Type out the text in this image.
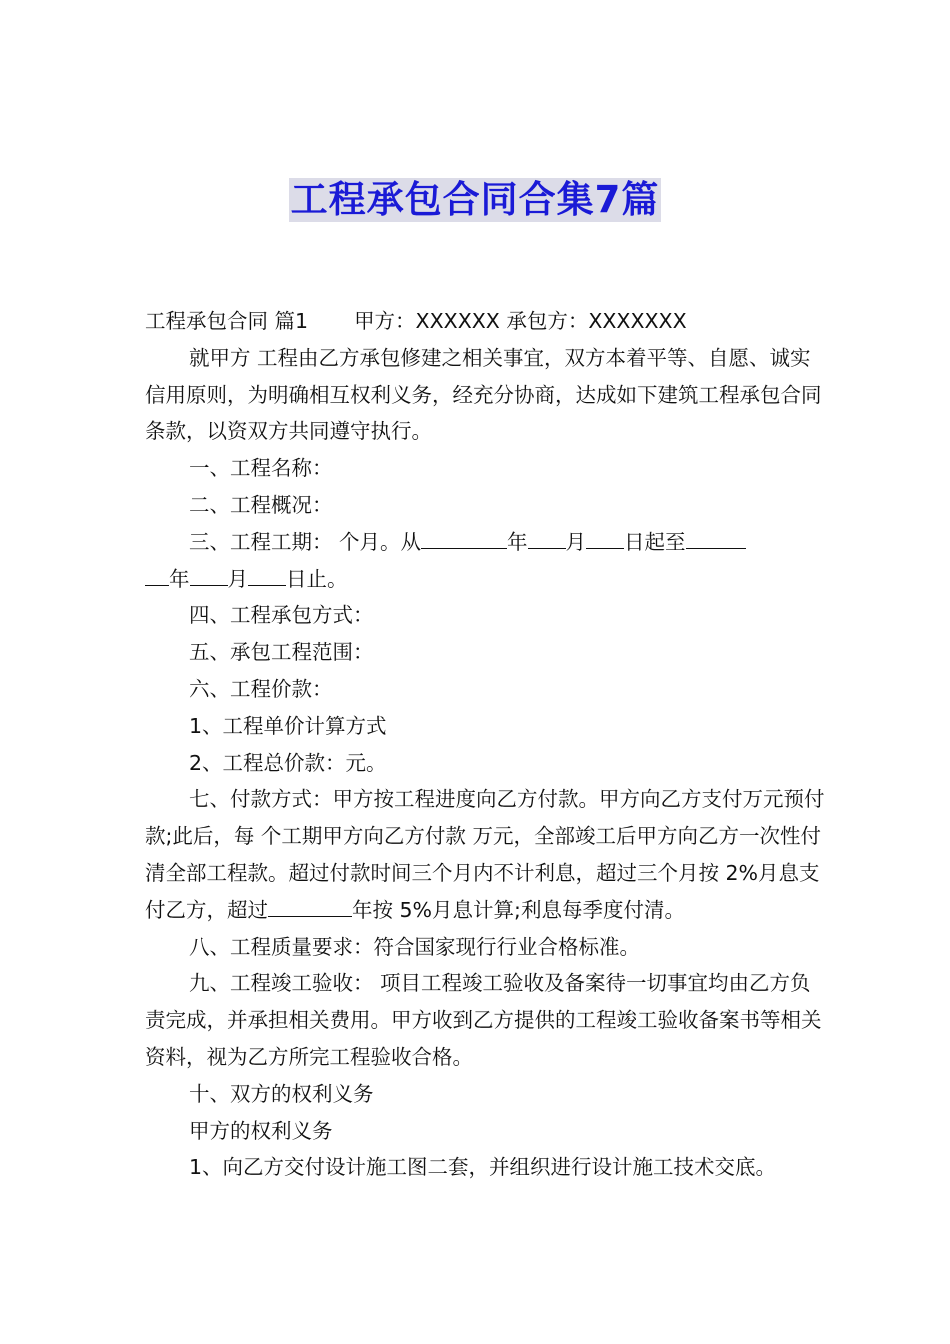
工程承包合同合集7篇

工程承包合同 篇1 甲方：XXXXXX 承包方：XXXXXXX

就甲方 工程由乙方承包修建之相关事宜，双方本着平等、自愿、诚实信用原则，为明确相互权利义务，经充分协商，达成如下建筑工程承包合同条款，以资双方共同遵守执行。

一、工程名称：

二、工程概况：

三、工程工期： 个月。从	年 月 日起至
年 月 日止。

四、工程承包方式：

五、承包工程范围：

六、工程价款：

1、工程单价计算方式

2、工程总价款：元。

七、付款方式：甲方按工程进度向乙方付款。甲方向乙方支付万元预付款;此后，每 个工期甲方向乙方付款 万元，全部竣工后甲方向乙方一次性付清全部工程款。超过付款时间三个月内不计利息，超过三个月按 2%月息支付乙方，超过	年按 5%月息计算;利息每季度付清。

八、工程质量要求：符合国家现行行业合格标准。

九、工程竣工验收： 项目工程竣工验收及备案待一切事宜均由乙方负责完成，并承担相关费用。甲方收到乙方提供的工程竣工验收备案书等相关资料，视为乙方所完工程验收合格。

十、双方的权利义务

甲方的权利义务

1、向乙方交付设计施工图二套，并组织进行设计施工技术交底。
